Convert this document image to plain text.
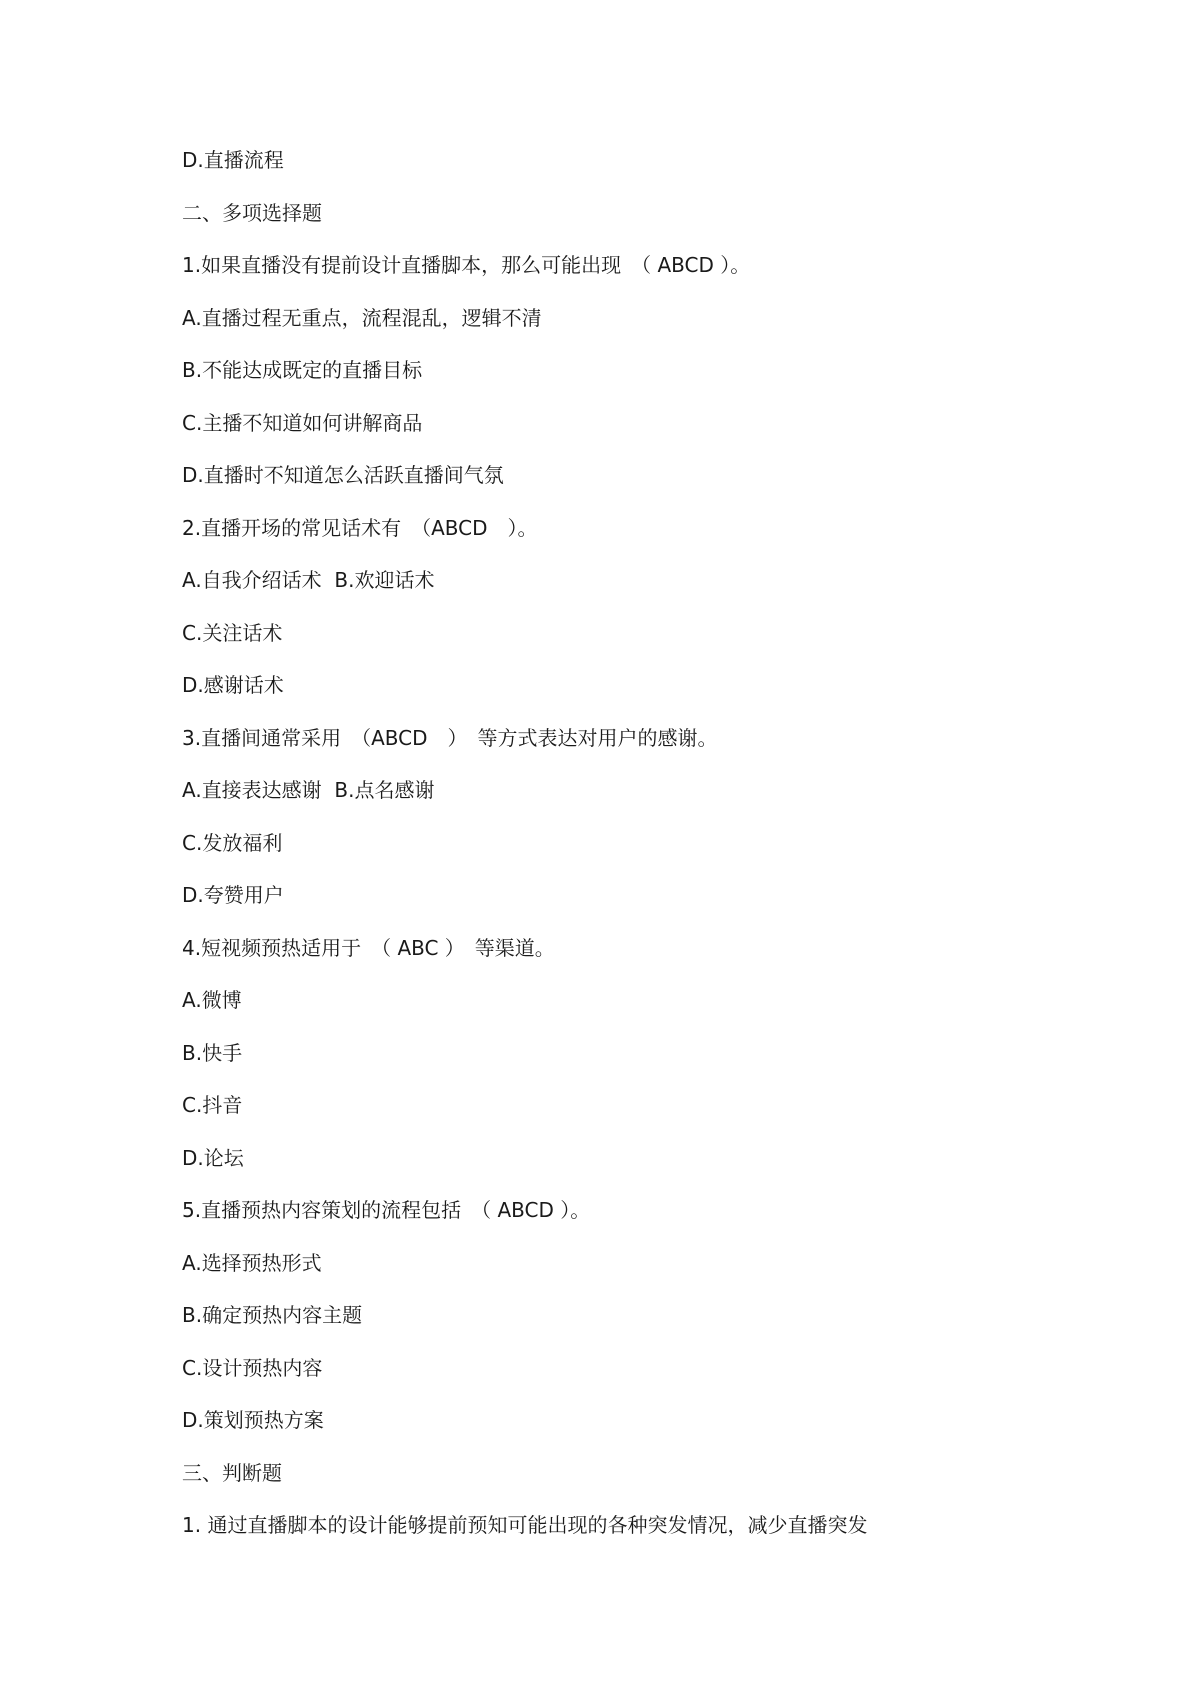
D.直播流程

二、多项选择题

1.如果直播没有提前设计直播脚本，那么可能出现　（ ABCD ）。

A.直播过程无重点，流程混乱，逻辑不清

B.不能达成既定的直播目标

C.主播不知道如何讲解商品

D.直播时不知道怎么活跃直播间气氛

2.直播开场的常见话术有　（ABCD　）。

A.自我介绍话术  B.欢迎话术

C.关注话术

D.感谢话术

3.直播间通常采用　（ABCD　）　等方式表达对用户的感谢。

A.直接表达感谢  B.点名感谢

C.发放福利

D.夸赞用户

4.短视频预热适用于　（ ABC ）　等渠道。

A.微博

B.快手

C.抖音

D.论坛

5.直播预热内容策划的流程包括　（ ABCD ）。

A.选择预热形式

B.确定预热内容主题

C.设计预热内容

D.策划预热方案

三、判断题

1. 通过直播脚本的设计能够提前预知可能出现的各种突发情况，减少直播突发
